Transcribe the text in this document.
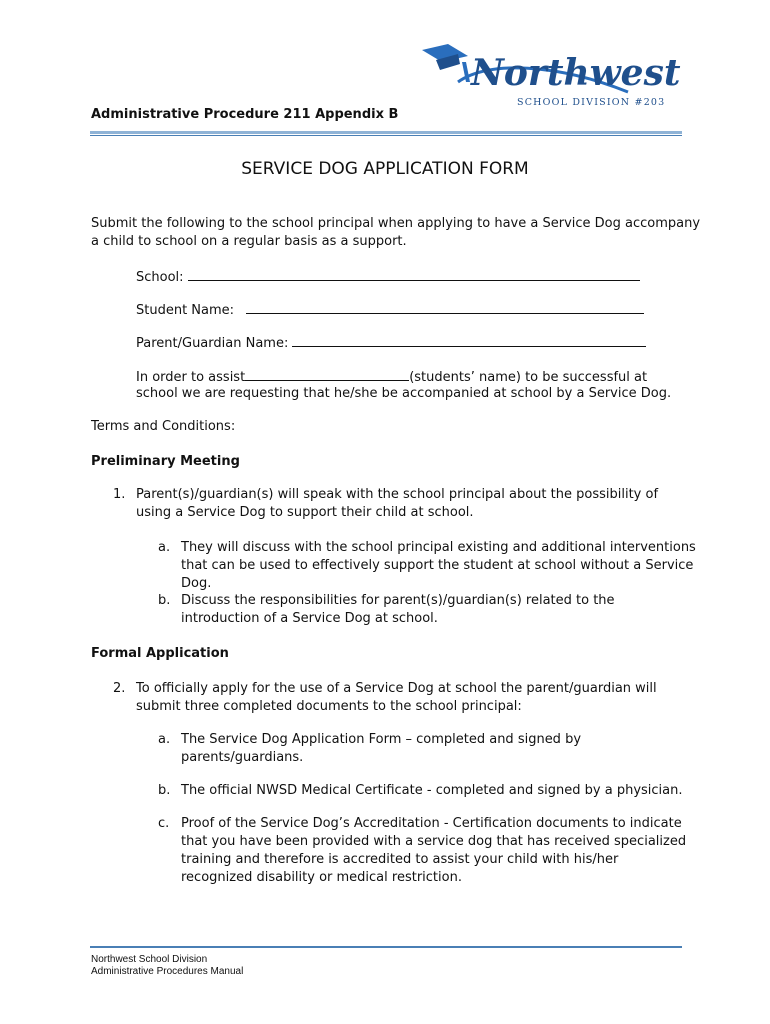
Administrative Procedure 211 Appendix B
Northwest
SCHOOL DIVISION #203
SERVICE DOG APPLICATION FORM
Submit the following to the school principal when applying to have a Service Dog accompany
a child to school on a regular basis as a support.
School:
Student Name:
Parent/Guardian Name:
In order to assist	(students’ name) to be successful at
school we are requesting that he/she be accompanied at school by a Service Dog.
Terms and Conditions:
Preliminary Meeting
1. Parent(s)/guardian(s) will speak with the school principal about the possibility of
using a Service Dog to support their child at school.
a. They will discuss with the school principal existing and additional interventions
that can be used to effectively support the student at school without a Service
Dog.
b. Discuss the responsibilities for parent(s)/guardian(s) related to the
introduction of a Service Dog at school.
Formal Application
2. To officially apply for the use of a Service Dog at school the parent/guardian will
submit three completed documents to the school principal:
a. The Service Dog Application Form – completed and signed by
parents/guardians.
b. The official NWSD Medical Certificate - completed and signed by a physician.
c. Proof of the Service Dog’s Accreditation - Certification documents to indicate
that you have been provided with a service dog that has received specialized
training and therefore is accredited to assist your child with his/her
recognized disability or medical restriction.
Northwest School Division
Administrative Procedures Manual
